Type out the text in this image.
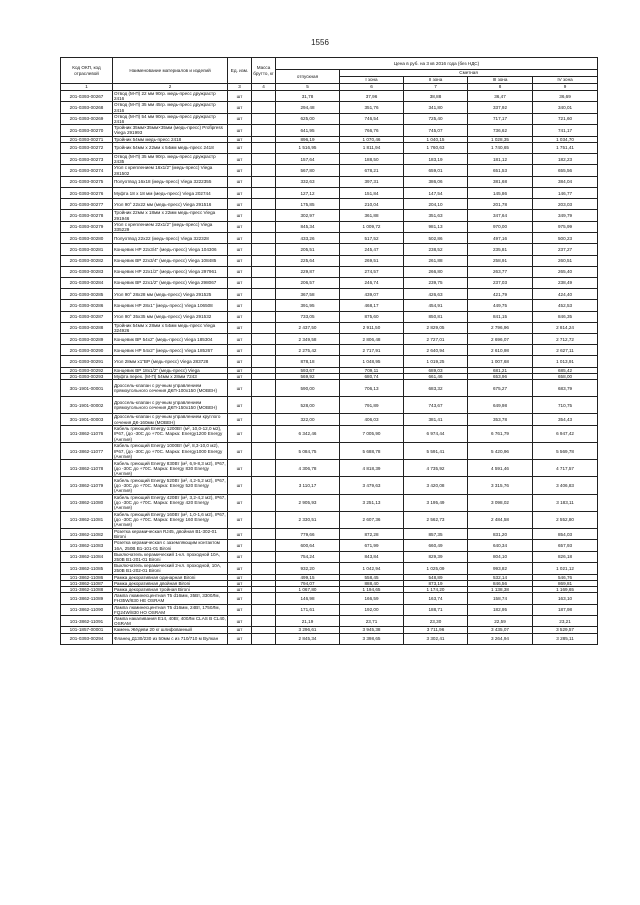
1556
Код ОКП, код отраслевой	Наименование материалов и изделий	Ед. изм.	Масса брутто, кг	Цена в руб. на 3 кв 2016 года (без НДС)				
				отпускная	Сметная			
					I зона	II зона	III зона	IV зона
1	2	3	4	5	6	7	8	9
201-0393-00267	Отвод (М-П) 22 мм 90гр. медь-пресс дружрастр 2416	шт		31,78	37,96	38,88	36,47	36,69
201-0393-00268	Отвод (М-П) 35 мм 45гр. медь-пресс дружрастр 2416	шт		294,48	351,76	341,80	337,92	340,01
201-0393-00269	Отвод (М-П) 54 мм 90гр. медь-пресс дружрастр 2416	шт		625,00	746,54	725,40	717,17	721,60
201-0393-00270	Тройник 35мм×35мм×35мм (медь-пресс) Profipress Viega 291993	шт		641,95	766,76	745,07	736,62	741,17
201-0393-00271	Тройник 54мм медь-пресс 2418	шт		896,19	1 070,46	1 040,15	1 028,35	1 034,70
201-0393-00272	Тройник 54мм x 22мм x 54мм медь-пресс 2418	шт		1 516,95	1 811,94	1 760,63	1 740,65	1 751,41
201-0393-00273	Отвод (М-П) 35 мм 90гр. медь-пресс дружрастр 2435	шт		157,64	188,50	183,19	181,12	182,23
201-0393-00274	Угол с креплением 16x1/2" (медь-пресс) Viega 281502	шт		567,80	678,21	659,01	651,53	655,56
201-0393-00275	Полуотвод 16x18 (медь-пресс) Viega 3222355	шт		332,63	397,31	386,06	381,68	384,04
201-0393-00276	Муфта 18 x 18 мм (медь-пресс) Viega 202744	шт		127,12	151,84	147,54	145,86	146,77
201-0393-00277	Угол 90° 22x22 мм (медь-пресс) Viega 291516	шт		175,85	210,04	204,10	201,78	203,03
201-0393-00278	Тройник 22мм x 18мм x 22мм медь-пресс Viega 291946	шт		302,97	361,88	351,63	347,64	349,79
201-0393-00279	Угол с креплением 22x1/2" (медь-пресс) Viega 335229	шт		845,34	1 009,72	981,13	970,00	975,99
201-0393-00280	Полуотвод 22x22 (медь-пресс) Viega 322328	шт		433,26	517,52	502,86	497,16	500,23
201-0393-00281	Концевик НР 22x3/4" (медь-пресс) Viega 104306	шт		205,51	245,47	238,52	235,81	237,27
201-0393-00282	Концевик ВР 22x3/4" (медь-пресс) Viega 108485	шт		225,64	269,51	261,88	258,91	260,51
201-0393-00283	Концевик НР 22x1/2" (медь-пресс) Viega 297961	шт		229,87	274,57	266,80	263,77	265,40
201-0393-00284	Концевик ВР 22x1/2" (медь-пресс) Viega 298067	шт		206,57	246,74	239,75	237,03	238,49
201-0393-00285	Угол 90° 28x28 мм (медь-пресс) Viega 291525	шт		367,58	439,07	426,63	421,79	424,40
201-0393-00286	Концевик НР 28x1" (медь-пресс) Viega 106508	шт		391,95	468,17	454,91	449,75	452,53
201-0393-00287	Угол 90° 35x35 мм (медь-пресс) Viega 291532	шт		733,05	875,60	850,81	841,15	846,35
201-0393-00288	Тройник 54мм x 28мм x 54мм медь-пресс Viega 324926	шт		2 437,50	2 911,50	2 829,05	2 796,96	2 814,24
201-0393-00289	Концевик ВР 54x2" (медь-пресс) Viega 185304	шт		2 349,58	2 806,48	2 727,01	2 696,07	2 712,72
201-0393-00290	Концевик НР 54x2" (медь-пресс) Viega 185267	шт		2 275,42	2 717,91	2 640,94	2 610,98	2 627,11
201-0393-00291	Угол 28мм x1"ВР (медь-пресс) Viega 283728	шт		878,18	1 048,95	1 019,25	1 007,68	1 013,91
201-0393-00292	Концевик ВР 18x1/2" (медь-пресс) Viega	шт		593,67	709,11	689,03	681,21	685,42
201-0393-00293	Муфта перех. (М-П) 54мм x 28мм 7243	шт		569,92	680,74	661,46	653,96	658,00
301-1901-00001	Дроссель-клапан с ручным управлением прямоугольного сечения ДКП-100x150 (МОВЕН)	шт		590,00	706,13	683,32	675,27	683,79
301-1901-00002	Дроссель-клапан с ручным управлением прямоугольного сечения ДКП-150x150 (МОВЕН)	шт		528,00	791,89	743,67	649,98	710,75
301-1901-00003	Дроссель-клапан с ручным управлением круглого сечения ДК-160мм (МОВЕН)	шт		322,00	406,03	381,41	353,78	354,43
101-3862-11076	Кабель греющий Energy 1200Вт (м², 10,0-12,0 м2), IP67, (до -30С до +70С. Марка: Energy1200 Energy (Англия)	шт		6 342,46	7 005,90	6 974,44	6 761,79	6 947,42
101-3862-11077	Кабель греющий Energy 1000Вт (м², 8,3-10,0 м2), IP67, (до -30С до +70С. Марка: Energy1000 Energy (Англия)	шт		5 084,75	5 688,78	5 591,41	5 420,96	5 569,78
101-3862-11078	Кабель греющий Energy 830Вт (м², 6,9-8,3 м2), IP67, (до -30С до +70С. Марка: Energy 830 Energy (Англия)	шт		4 306,78	4 818,39	4 735,92	4 591,46	4 717,57
101-3862-11079	Кабель греющий Energy 520Вт (м², 4,2-5,2 м2), IP67, (до -30С до +70С. Марка: Energy 520 Energy (Англия)	шт		3 110,17	3 479,63	3 420,08	3 315,76	3 406,83
101-3862-11080	Кабель греющий Energy 420Вт (м², 3,2-4,2 м2), IP67, (до -30С до +70С. Марка: Energy 420 Energy (Англия)	шт		2 905,93	3 251,13	3 195,49	3 098,02	3 183,11
101-3862-11081	Кабель греющий Energy 160Вт (м², 1,0-1,6 м2), IP67, (до -30С до +70С. Марка: Energy 160 Energy (Англия)	шт		2 330,51	2 607,36	2 562,73	2 484,58	2 552,80
101-3862-11082	Розетка керамическая RJ45, двойная B1-302-01 Bironi	шт		779,66	872,28	857,35	831,20	854,03
101-3862-11083	Розетка керамическая с заземляющим контактом 16А, 250В В1-101-01 Bironi	шт		600,64	671,99	660,49	640,34	657,93
101-3862-11084	Выключатель керамический 1-кл. проходной 10А, 250В B1-201-01 Bironi	шт		754,24	843,84	829,39	804,10	826,18
101-3862-11085	Выключатель керамический 2-кл. проходной, 10А, 250В B1-202-01 Bironi	шт		932,20	1 042,94	1 025,09	993,82	1 021,12
101-3862-11086	Рамка декоративная одинарная Bironi	шт		499,15	558,45	548,89	532,14	546,76
101-3862-11087	Рамка декоративная двойная Bironi	шт		794,07	888,40	873,19	846,56	869,81
101-3862-11088	Рамка декоративная тройная Bironi	шт		1 067,80	1 194,65	1 174,20	1 138,38	1 169,65
101-3862-11089	Лампа люминесцентная T5 d16мм, 35Вт, 3300Лм, FH35W/830 HE OSRAM	шт		146,98	166,59	163,74	158,74	163,10
101-3862-11090	Лампа люминесцентная T5 d16мм, 24Вт, 1750Лм, FQ24W/830 HO OSRAM	шт		171,61	192,00	188,71	182,95	187,98
101-3862-11091	Лампа накаливания E14, 40Вт, 400Лм CLAS B CL40, OSRAM	шт		21,19	23,71	23,30	22,59	23,21
101-1857-00001	Камень Жёдеви 20 кг шлифованный	шт		3 296,61	3 945,38	3 711,96	3 435,07	3 529,57
201-0393-00294	Фланец Д130/230 из 50мм с из 710/710 м Вулкан	шт		2 845,34	3 398,65	3 302,41	3 264,94	3 285,11
